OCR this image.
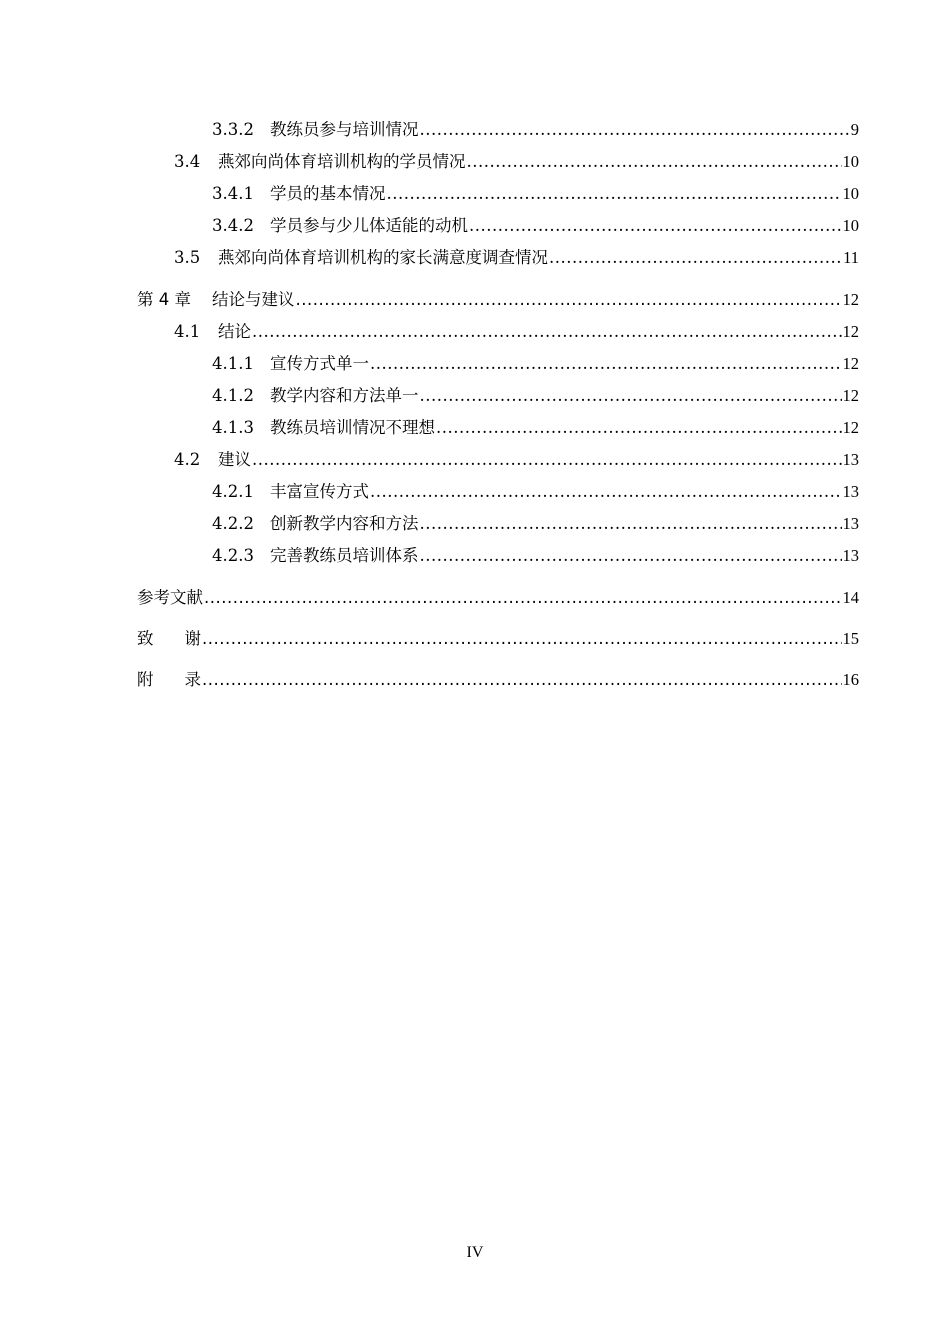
3.3.2 教练员参与培训情况 .....	9
3.4	燕郊向尚体育培训机构的学员情况 .....	10
3.4.1 学员的基本情况 .....	10
3.4.2 学员参与少儿体适能的动机 .....	10
3.5	燕郊向尚体育培训机构的家长满意度调查情况 .....	11
第 4 章	结论与建议 .....	12
4.1	结论 .....	12
4.1.1 宣传方式单一 .....	12
4.1.2 教学内容和方法单一 .....	12
4.1.3 教练员培训情况不理想 .....	12
4.2	建议 .....	13
4.2.1 丰富宣传方式 .....	13
4.2.2 创新教学内容和方法 .....	13
4.2.3 完善教练员培训体系 .....	13
参考文献 .....	14
致谢 .....	15
附录 .....	16
IV
